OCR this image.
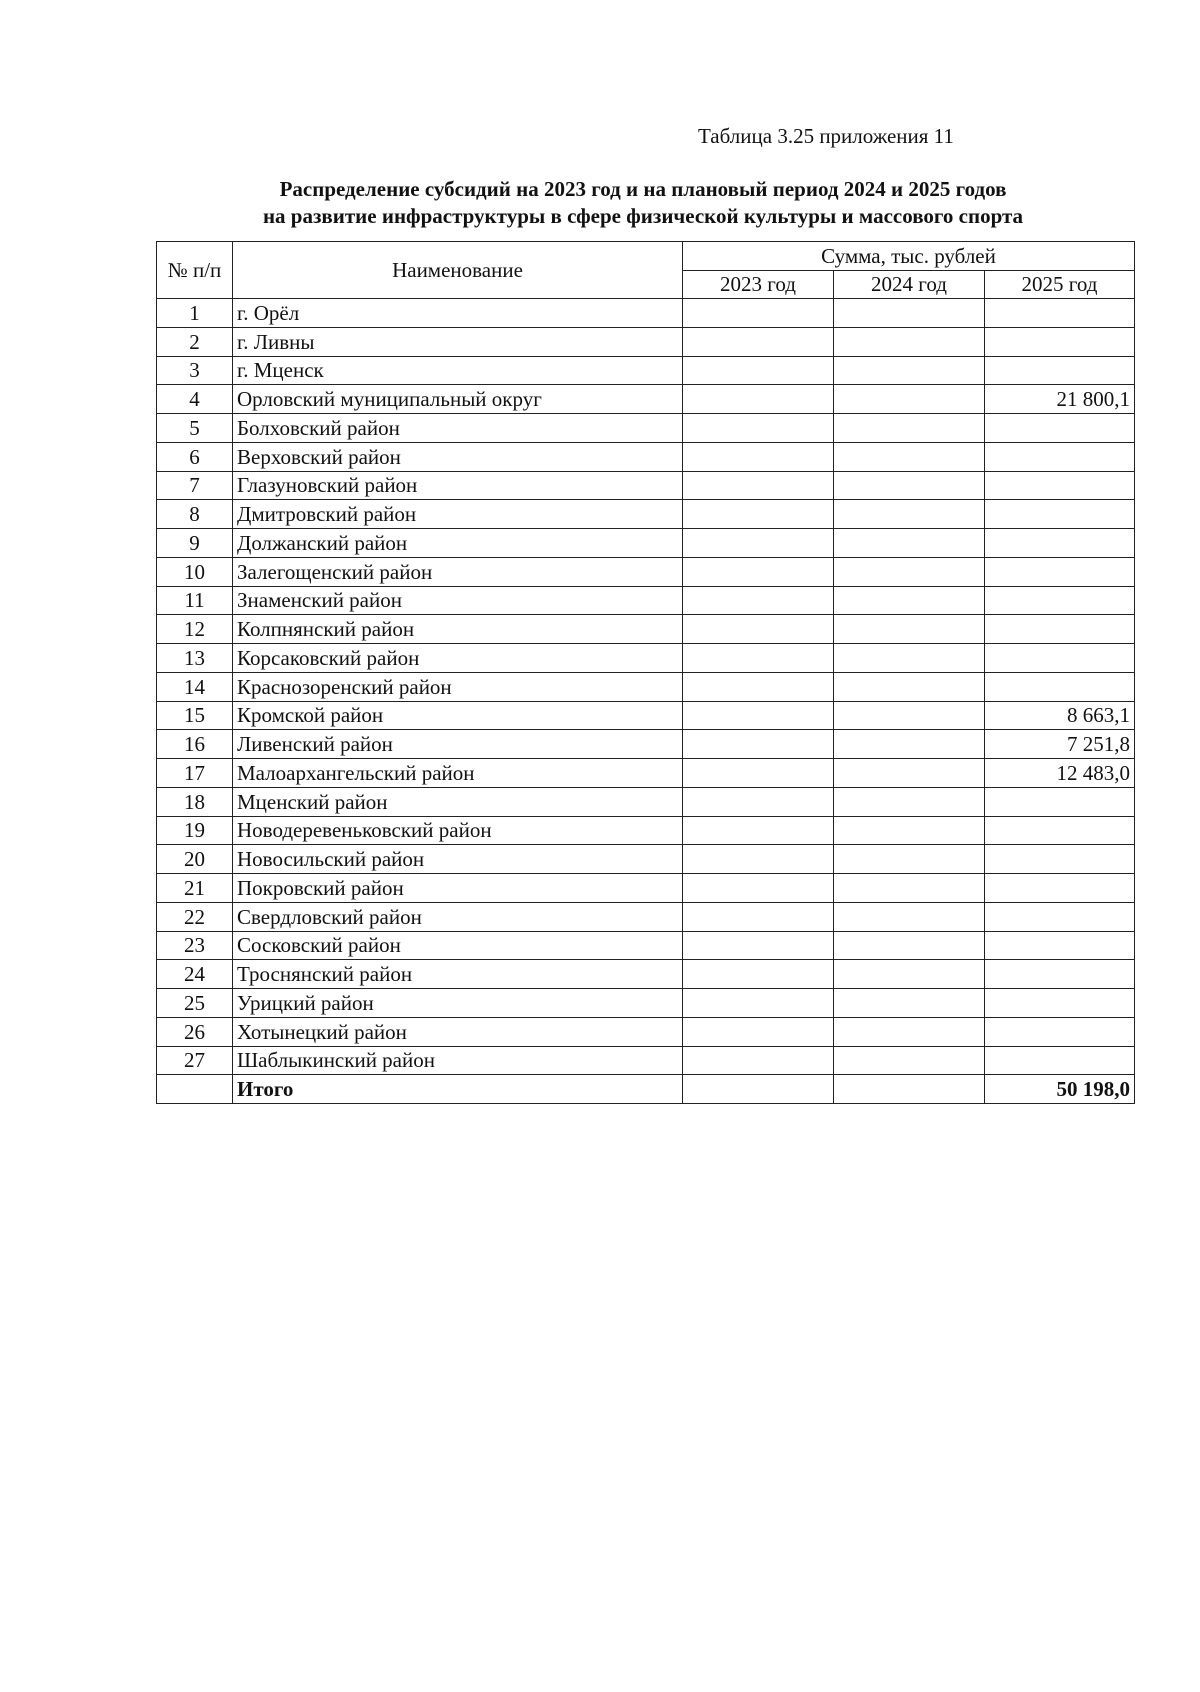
Таблица 3.25 приложения 11
Распределение субсидий на 2023 год и на плановый период 2024 и 2025 годов
на развитие инфраструктуры в сфере физической культуры и массового спорта
№ п/п	Наименование	Сумма, тыс. рублей		
		2023 год	2024 год	2025 год
1	г. Орёл			
2	г. Ливны			
3	г. Мценск			
4	Орловский муниципальный округ			21 800,1
5	Болховский район			
6	Верховский район			
7	Глазуновский район			
8	Дмитровский район			
9	Должанский район			
10	Залегощенский район			
11	Знаменский район			
12	Колпнянский район			
13	Корсаковский район			
14	Краснозоренский район			
15	Кромской район			8 663,1
16	Ливенский район			7 251,8
17	Малоархангельский район			12 483,0
18	Мценский район			
19	Новодеревеньковский район			
20	Новосильский район			
21	Покровский район			
22	Свердловский район			
23	Сосковский район			
24	Троснянский район			
25	Урицкий район			
26	Хотынецкий район			
27	Шаблыкинский район			
	Итого			50 198,0
